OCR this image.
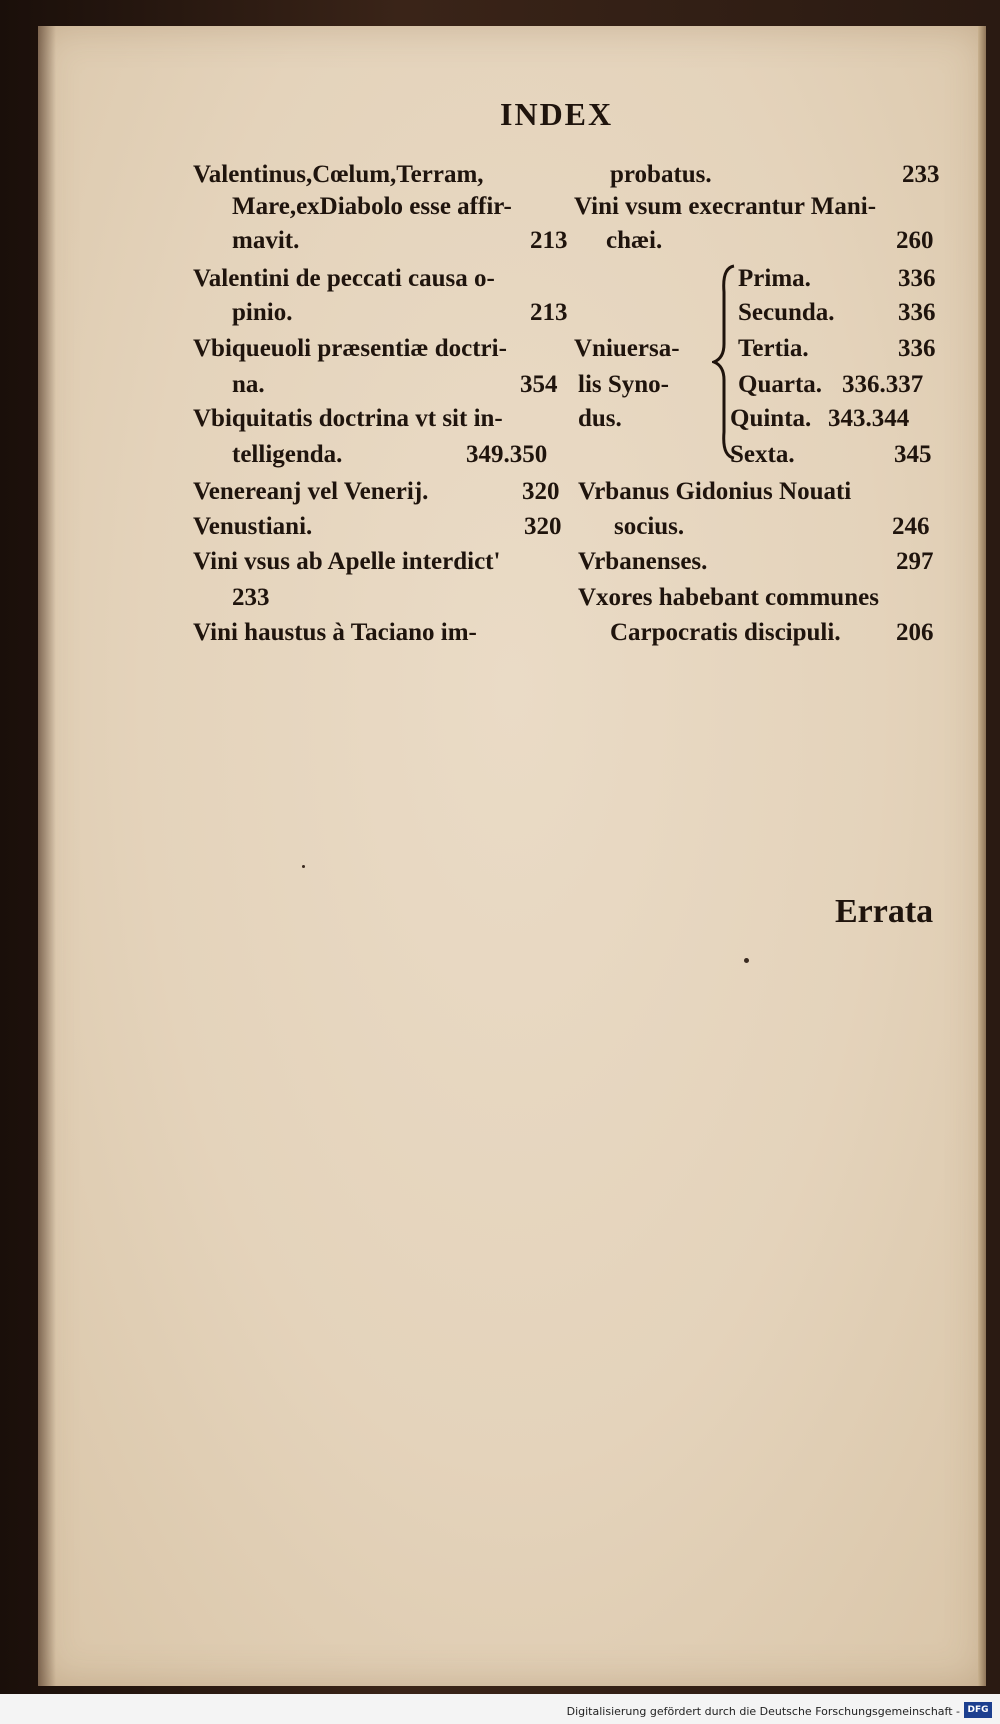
INDEX
Valentinus,Cœlum,Terram,
Mare,exDiabolo esse affir-
mavit.	213
Valentini de peccati causa o-
pinio.	213
Vbiqueuoli præsentiæ doctri-
na.	354
Vbiquitatis doctrina vt sit in-
telligenda.	349.350
Venereanj vel Venerij.	320
Venustiani.	320
Vini vsus ab Apelle interdict'
233
Vini haustus à Taciano im-
probatus.	233
Vini vsum execrantur Mani-
chæi.	260
Vniuersa-
lis Syno-
dus.
Prima.	336
Secunda.	336
Tertia.	336
Quarta. 336.337
Quinta. 343.344
Sexta.	345
Vrbanus Gidonius Nouati
socius.	246
Vrbanenses.	297
Vxores habebant communes
Carpocratis discipuli. 206
Errata
Digitalisierung gefördert durch die Deutsche Forschungsgemeinschaft - DFG
